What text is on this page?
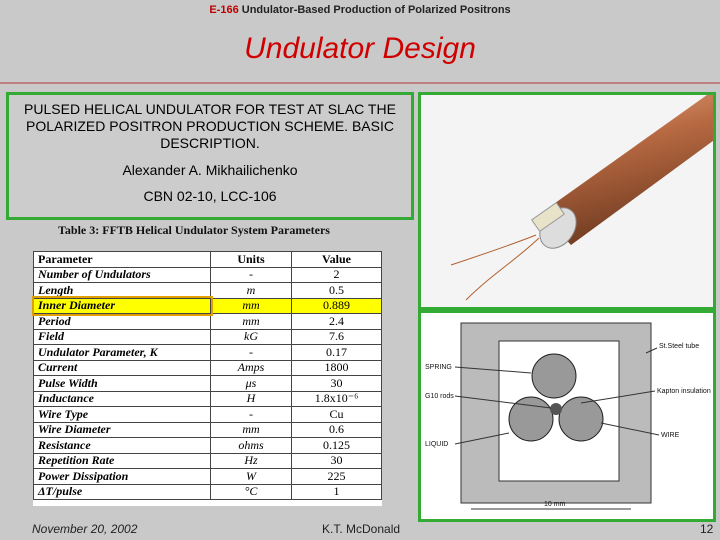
E-166 Undulator-Based Production of Polarized Positrons
Undulator Design
PULSED HELICAL UNDULATOR FOR TEST AT SLAC THE POLARIZED POSITRON PRODUCTION SCHEME. BASIC DESCRIPTION.
Alexander A. Mikhailichenko
CBN 02-10, LCC-106
Table 3: FFTB Helical Undulator System Parameters
Parameter	Units	Value
Number of Undulators	-	2
Length	m	0.5
Inner Diameter	mm	0.889
Period	mm	2.4
Field	kG	7.6
Undulator Parameter, K	-	0.17
Current	Amps	1800
Pulse Width	μs	30
Inductance	H	1.8x10⁻⁶
Wire Type	-	Cu
Wire Diameter	mm	0.6
Resistance	ohms	0.125
Repetition Rate	Hz	30
Power Dissipation	W	225
ΔT/pulse	°C	1
10 mm
St.Steel tube
SPRING
Kapton insulation
G10 rods
WIRE
LIQUID
November 20, 2002	K.T. McDonald	12
